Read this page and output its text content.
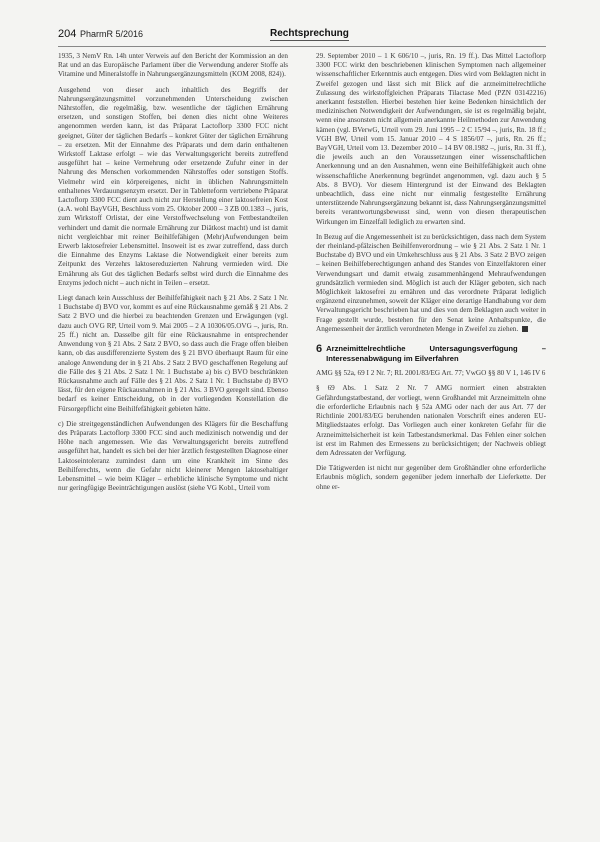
204 PharmR 5/2016	Rechtsprechung

1935, 3 NemV Rn. 14h unter Verweis auf den Bericht der Kommission an den Rat und an das Europäische Parlament über die Verwendung anderer Stoffe als Vitamine und Mineralstoffe in Nahrungsergänzungsmitteln (KOM 2008, 824)).

Ausgehend von dieser auch inhaltlich des Begriffs der Nahrungsergänzungsmittel vorzunehmenden Unterscheidung zwischen Nährstoffen, die regelmäßig, bzw. wesentliche der täglichen Ernährung ersetzen, und sonstigen Stoffen, bei denen dies nicht ohne Weiteres angenommen werden kann, ist das Präparat Lactoflorp 3300 FCC nicht geeignet, Güter der täglichen Bedarfs – konkret Güter der täglichen Ernährung – zu ersetzen. Mit der Einnahme des Präparats und dem darin enthaltenen Wirkstoff Laktase erfolgt – wie das Verwaltungsgericht bereits zutreffend ausgeführt hat – keine Vermehrung oder ersetzende Zufuhr einer in der Nahrung des Menschen vorkommenden Nährstoffes oder sonstigen Stoffs. Vielmehr wird ein körpereigenes, nicht in üblichen Nahrungsmitteln enthaltenes Verdauungsenzym ersetzt. Der in Tabletteform vertriebene Präparat Lactoflorp 3300 FCC dient auch nicht zur Herstellung einer laktosefreien Kost (a.A. wohl BayVGH, Beschluss vom 25. Oktober 2000 – 3 ZB 00.1383 –, juris, zum Wirkstoff Orlistat, der eine Verstoffwechselung von Fettbestandteilen verhindert und damit die normale Ernährung zur Diätkost macht) und ist damit nicht vergleichbar mit reiner Beihilfefähigen (Mehr)Aufwendungen beim Erwerb laktosefreier Lebensmittel. Insoweit ist es zwar zutreffend, dass durch die Einnahme des Enzyms Laktase die Notwendigkeit einer bereits zum Zeitpunkt des Verzehrs laktosereduzierten Nahrung vermieden wird. Die Ernährung als Gut des täglichen Bedarfs selbst wird durch die Einnahme des Enzyms jedoch nicht – auch nicht in Teilen – ersetzt.

Liegt danach kein Ausschluss der Beihilfefähigkeit nach § 21 Abs. 2 Satz 1 Nr. 1 Buchstabe d) BVO vor, kommt es auf eine Rückausnahme gemäß § 21 Abs. 2 Satz 2 BVO und die hierbei zu beachtenden Grenzen und Erwägungen (vgl. dazu auch OVG RP, Urteil vom 9. Mai 2005 – 2 A 10306/05.OVG –, juris, Rn. 25 ff.) nicht an. Dasselbe gilt für eine Rückausnahme in entsprechender Anwendung von § 21 Abs. 2 Satz 2 BVO, so dass auch die Frage offen bleiben kann, ob das ausdifferenzierte System des § 21 BVO überhaupt Raum für eine analoge Anwendung der in § 21 Abs. 2 Satz 2 BVO geschaffenen Regelung auf die Fälle des § 21 Abs. 2 Satz 1 Nr. 1 Buchstabe a) bis c) BVO beschränkten Rückausnahme auch auf Fälle des § 21 Abs. 2 Satz 1 Nr. 1 Buchstabe d) BVO lässt, für den eigene Rückausnahmen in § 21 Abs. 3 BVO geregelt sind. Ebenso bedarf es keiner Entscheidung, ob in der vorliegenden Konstellation die Fürsorgepflicht eine Beihilfefähigkeit gebieten hätte.

c) Die streitgegenständlichen Aufwendungen des Klägers für die Beschaffung des Präparats Lactoflorp 3300 FCC sind auch medizinisch notwendig und der Höhe nach angemessen. Wie das Verwaltungsgericht bereits zutreffend ausgeführt hat, handelt es sich bei der hier ärztlich festgestellten Diagnose einer Laktoseintoleranz zumindest dann um eine Krankheit im Sinne des Beihilferechts, wenn die Gefahr nicht kleinerer Mengen laktosehaltiger Lebensmittel – wie beim Kläger – erhebliche klinische Symptome und nicht nur geringfügige Beeinträchtigungen auslöst (siehe VG Kobl., Urteil vom

29. September 2010 – 1 K 606/10 –, juris, Rn. 19 ff.). Das Mittel Lactoflorp 3300 FCC wirkt den beschriebenen klinischen Symptomen nach allgemeiner wissenschaftlicher Erkenntnis auch entgegen. Dies wird vom Beklagten nicht in Zweifel gezogen und lässt sich mit Blick auf die arzneimittelrechtliche Zulassung des wirkstoffgleichen Präparats Tilactase Med (PZN 03142216) anerkannt feststellen. Hierbei bestehen hier keine Bedenken hinsichtlich der medizinischen Notwendigkeit der Aufwendungen, sie ist es regelmäßig bejaht, wenn eine ansonsten nicht allgemein anerkannte Heilmethoden zur Anwendung kämen (vgl. BVerwG, Urteil vom 29. Juni 1995 – 2 C 15/94 –, juris, Rn. 18 ff.; VGH BW, Urteil vom 15. Januar 2010 – 4 S 1856/07 –, juris, Rn. 26 ff.; BayVGH, Urteil vom 13. Dezember 2010 – 14 BV 08.1982 –, juris, Rn. 31 ff.), die jeweils auch an den Voraussetzungen einer wissenschaftlichen Anerkennung und an den Ausnahmen, wenn eine Beihilfefähigkeit auch ohne wissenschaftliche Anerkennung begründet angenommen, vgl. dazu auch § 5 Abs. 8 BVO). Vor diesem Hintergrund ist der Einwand des Beklagten unbeachtlich, dass eine nicht nur einmalig festgestellte Ernährung unterstützende Nahrungsergänzung bekannt ist, dass Nahrungsergänzungsmittel bereits verantwortungsbewusst sind, wenn von diesen therapeutischen Wirkungen im Einzelfall lediglich zu erwarten sind.

In Bezug auf die Angemessenheit ist zu berücksichtigen, dass nach dem System der rheinland-pfälzischen Beihilfenverordnung – wie § 21 Abs. 2 Satz 1 Nr. 1 Buchstabe d) BVO und ein Umkehrschluss aus § 21 Abs. 3 Satz 2 BVO zeigen – keinen Beihilfeberechtigungen anhand des Standes von Einzelfaktoren einer Verwendungsart und damit etwaig zusammenhängend Mehraufwendungen grundsätzlich vermieden sind. Möglich ist auch der Kläger geboten, sich nach Möglichkeit laktosefrei zu ernähren und das verordnete Präparat lediglich ergänzend einzunehmen, soweit der Kläger eine derartige Handhabung vor dem Verwaltungsgericht beschrieben hat und dies von dem Beklagten auch weiter in Frage gestellt wurde, bestehen für den Senat keine Anhaltspunkte, die Angemessenheit der ärztlich verordneten Menge in Zweifel zu ziehen.

6 Arzneimittelrechtliche Untersagungsverfügung – Interessenabwägung im Eilverfahren

AMG §§ 52a, 69 I 2 Nr. 7; RL 2001/83/EG Art. 77; VwGO §§ 80 V 1, 146 IV 6

§ 69 Abs. 1 Satz 2 Nr. 7 AMG normiert einen abstrakten Gefährdungstatbestand, der vorliegt, wenn Großhandel mit Arzneimitteln ohne die erforderliche Erlaubnis nach § 52a AMG oder nach der aus Art. 77 der Richtlinie 2001/83/EG beruhenden nationalen Vorschrift eines anderen EU-Mitgliedstaates erfolgt. Das Vorliegen auch einer konkreten Gefahr für die Arzneimittelsicherheit ist kein Tatbestandsmerkmal. Das Fehlen einer solchen ist erst im Rahmen des Ermessens zu berücksichtigen; der Nachweis obliegt dem Adressaten der Verfügung.

Die Tätigwerden ist nicht nur gegenüber dem Großhändler ohne erforderliche Erlaubnis möglich, sondern gegenüber jedem innerhalb der Lieferkette. Der ohne er-
